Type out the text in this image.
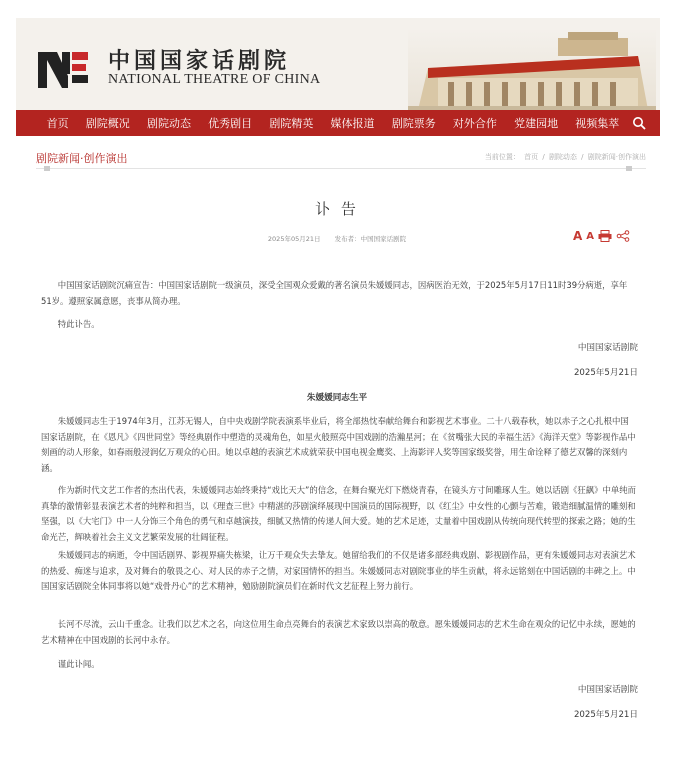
中国国家话剧院
NATIONAL THEATRE OF CHINA
首页	剧院概况	剧院动态	优秀剧目	剧院精英	媒体报道	剧院票务	对外合作	党建园地	视频集萃
剧院新闻·创作演出	当前位置： 首页 / 剧院动态 / 剧院新闻·创作演出
讣 告
2025年05月21日 发布者：中国国家话剧院	A A

中国国家话剧院沉痛宣告：中国国家话剧院一级演员，深受全国观众爱戴的著名演员朱媛媛同志，因病医治无效，于2025年5月17日11时39分病逝，享年51岁。遵照家属意愿，丧事从简办理。

特此讣告。

中国国家话剧院
2025年5月21日
朱媛媛同志生平

朱媛媛同志生于1974年3月，江苏无锡人，自中央戏剧学院表演系毕业后，将全部热忱奉献给舞台和影视艺术事业。二十八载春秋，她以赤子之心扎根中国国家话剧院，在《恩凡》《四世同堂》等经典剧作中塑造的灵魂角色，如星火般照亮中国戏剧的浩瀚星河；在《贫嘴张大民的幸福生活》《海洋天堂》等影视作品中刻画的动人形象，如春雨般浸润亿万观众的心田。她以卓越的表演艺术成就荣获中国电视金鹰奖、上海影评人奖等国家级奖誉，用生命诠释了德艺双馨的深刻内涵。

作为新时代文艺工作者的杰出代表，朱媛媛同志始终秉持“戏比天大”的信念，在舞台聚光灯下燃烧青春，在镜头方寸间雕琢人生。她以话剧《狂飙》中单纯而真挚的激情彰显表演艺术者的纯粹和担当，以《理查三世》中精湛的莎剧演绎展现中国演员的国际视野，以《红尘》中女性的心颤与苦难，锻造细腻温情的雕刻和坚强，以《大宅门》中一人分饰三个角色的勇气和卓越演技，细腻又热情的传递人间大爱。她的艺术足迹，丈量着中国戏剧从传统向现代转型的探索之路；她的生命光芒，辉映着社会主义文艺繁荣发展的壮阔征程。

朱媛媛同志的病逝，令中国话剧界、影视界痛失栋梁，让万千观众失去挚友。她留给我们的不仅是诸多部经典戏剧、影视剧作品，更有朱媛媛同志对表演艺术的热爱、痴迷与追求，及对舞台的敬畏之心、对人民的赤子之情，对家国情怀的担当。朱媛媛同志对剧院事业的毕生贡献，将永远铭刻在中国话剧的丰碑之上。中国国家话剧院全体同事将以她“戏骨丹心”的艺术精神，勉励剧院演员们在新时代文艺征程上努力前行。

长河不尽流，云山千重念。让我们以艺术之名，向这位用生命点亮舞台的表演艺术家致以崇高的敬意。愿朱媛媛同志的艺术生命在观众的记忆中永续，愿她的艺术精神在中国戏剧的长河中永存。

谨此讣闻。

中国国家话剧院
2025年5月21日
